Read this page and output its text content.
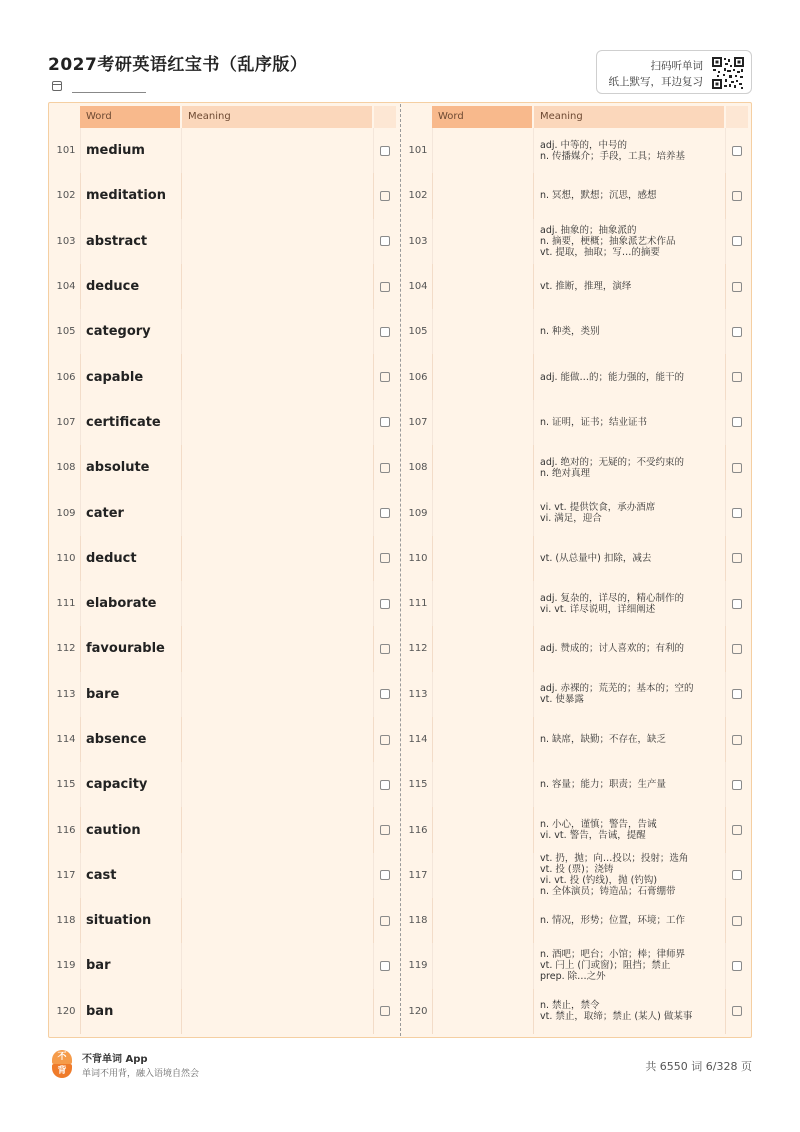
2027考研英语红宝书（乱序版）	扫码听单词
纸上默写，耳边复习
Word	Meaning
101 medium
102 meditation
103 abstract
104 deduce
105 category
106 capable
107 certificate
108 absolute
109 cater
110 deduct
111 elaborate
112 favourable
113 bare
114 absence
115 capacity
116 caution
117 cast
118 situation
119 bar
120 ban
Word	Meaning
101	adj. 中等的，中号的
n. 传播媒介；手段，工具；培养基
102	n. 冥想，默想；沉思，感想
103
adj. 抽象的；抽象派的
n. 摘要，梗概；抽象派艺术作品
vt. 提取，抽取；写…的摘要
104	vt. 推断，推理，演绎
105	n. 种类，类别
106	adj. 能做…的；能力强的，能干的
107	n. 证明，证书；结业证书
108	adj. 绝对的；无疑的；不受约束的
n. 绝对真理
109	vi. vt. 提供饮食，承办酒席
vi. 满足，迎合
110	vt. (从总量中) 扣除，减去
111	adj. 复杂的，详尽的，精心制作的
vi. vt. 详尽说明，详细阐述
112	adj. 赞成的；讨人喜欢的；有利的
113	adj. 赤裸的；荒芜的；基本的；空的
vt. 使暴露
114	n. 缺席，缺勤；不存在，缺乏
115	n. 容量；能力；职责；生产量
116	n. 小心，谨慎；警告，告诫
vi. vt. 警告，告诫，提醒
117
vt. 扔，抛；向…投以；投射；选角
vt. 投 (票)；浇铸
vi. vt. 投 (钓线)，抛 (钓钩)
n. 全体演员；铸造品；石膏绷带
118	n. 情况，形势；位置，环境；工作
119
n. 酒吧；吧台；小馆；棒；律师界
vt. 闩上 (门或窗)；阻挡；禁止
prep. 除…之外
120	n. 禁止，禁令
vt. 禁止，取缔；禁止 (某人) 做某事
不
背
不背单词 App
单词不用背，融入语境自然会
共 6550 词 6/328 页
